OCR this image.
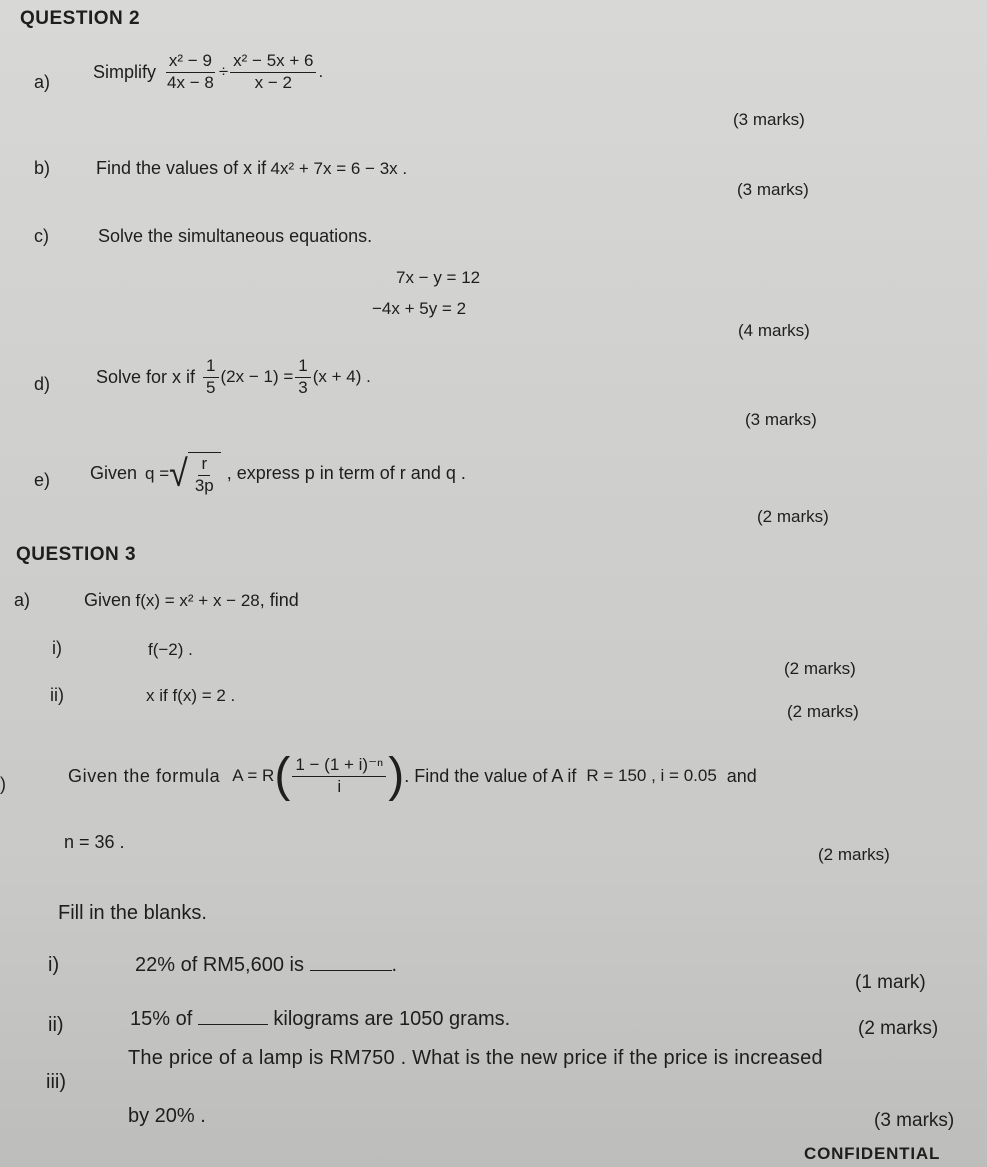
QUESTION 2
a)
Simplify $\frac{\text{x² − 9}}{4x - 8} \div \frac{\text{x² − 5x + 6}}{x - 2}$ .
(3 marks)
b)	Find the values of x if 4x² + 7x = 6 − 3x .
(3 marks)
c)	Solve the simultaneous equations.
7x − y = 12
−4x + 5y = 2
(4 marks)
d)	Solve for x if $\frac{1}{5} (2x - 1) = \frac{1}{3} (x + 4)$ .
(3 marks)
e) Given q = √ $\frac{r}{3p}$ , express p in term of r and q .
(2 marks)
QUESTION 3
a)	Given f(x) = x² + x − 28, find
i)	f(−2) .
(2 marks)
ii)	x if f(x) = 2 .
(2 marks)
)	Given the formula A = R ( $\frac{\text{1 − (1 + i)⁻ⁿ}}{i}$ ) . Find the value of A if R = 150 , i = 0.05 and
n = 36 .
(2 marks)
Fill in the blanks.
i)	22% of RM5,600 is	.
(1 mark)
ii)	15% of	kilograms are 1050 grams.	(2 marks)
iii)
The price of a lamp is RM750 . What is the new price if the price is increased
by 20% .	(3 marks)
CONFIDENTIAL
